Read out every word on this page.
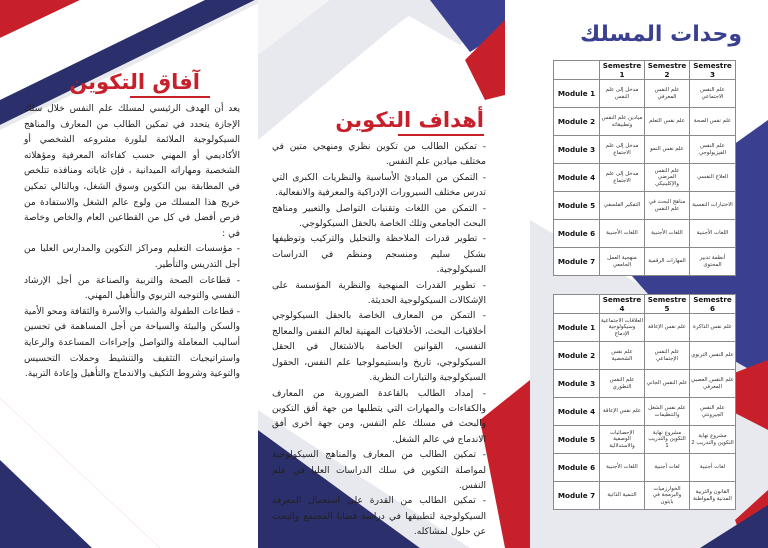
آفاق التكوين

يعد أن الهدف الرئيسي لمسلك علم النفس خلال سلك الإجازة يتحدد في تمكين الطالب من المعارف والمناهج السيكولوجية الملائمة لبلورة مشروعه الشخصي أو الأكاديمي أو المهني حسب كفاءاته المعرفية ومؤهلاته الشخصية ومهاراته الميدانية ، فإن غاياته ومنافذه تتلخص في المطابقة بين التكوين وسوق الشغل، وبالتالي تمكين خريج هذا المسلك من ولوج عالم الشغل والاستفادة من فرص أفضل في كل من القطاعين العام والخاص وخاصة في :

- مؤسسات التعليم ومراكز التكوين والمدارس العليا من أجل التدريس والتأطير.

- قطاعات الصحة والتربية والصناعة من أجل الإرشاد النفسي والتوجيه التربوي والتأهيل المهني.

- قطاعات الطفولة والشباب والأسرة والثقافة ومحو الأمية والسكن والبيئة والسياحة من أجل المساهمة في تحسين أساليب المعاملة والتواصل وإجراءات المساعدة والرعاية واستراتيجيات التثقيف والتنشيط وحملات التحسيس والتوعية وشروط التكيف والاندماج والتأهيل وإعادة التربية.

أهداف التكوين

- تمكين الطالب من تكوين نظري ومنهجي متين في مختلف ميادين علم النفس.

- التمكن من المبادئ الأساسية والنظريات الكبرى التي تدرس مختلف السيرورات الإدراكية والمعرفية والانفعالية.

- التمكن من اللغات وتقنيات التواصل والتعبير ومناهج البحث الجامعي وتلك الخاصة بالحقل السيكولوجي.

- تطوير قدرات الملاحظة والتحليل والتركيب وتوظيفها بشكل سليم ومنسجم ومنظم في الدراسات السيكولوجية.

- تطوير القدرات المنهجية والنظرية المؤسسة على الإشكالات السيكولوجية الحديثة.

- التمكن من المعارف الخاصة بالحقل السيكولوجي أخلاقيات البحث، الأخلاقيات المهنية لعالم النفس والمعالج النفسي، القوانين الخاصة بالاشتغال في الحقل السيكولوجي، تاريخ وابستيمولوجيا علم النفس، الحقول السيكولوجية والتيارات النظرية.

- إمداد الطالب بالقاعدة الضرورية من المعارف والكفاءات والمهارات التي يتطلبها من جهة أفق التكوين والبحث في مسلك علم النفس، ومن جهة أخرى أفق الاندماج في عالم الشغل.

- تمكين الطالب من المعارف والمناهج السيكولوجية لمواصلة التكوين في سلك الدراسات العليا في علم النفس.

- تمكين الطالب من القدرة على استعمال المعرفة السيكولوجية لتطبيقها في دراسة قضايا المجتمع والبحث عن حلول لمشاكله.

وحدات المسلك
	Semestre 1	Semestre 2	Semestre 3
Module 1	مدخل إلى علم النفس	علم النفس المعرفي	علم النفس الاجتماعي
Module 2	ميادين علم النفس وتطبيقاته	علم نفس التعلم	علم نفس الصحة
Module 3	مدخل إلى علم الاجتماع	علم نفس النمو	علم النفس الفيزيولوجي
Module 4	مدخل إلى علم الاجتماع	علم النفس المرضي والإكلينيكي	العلاج النفسي
Module 5	التفكير الفلسفي	مناهج البحث في علم النفس	الاختبارات النفسية
Module 6	اللغات الأجنبية	اللغات الأجنبية	اللغات الأجنبية
Module 7	منهجية العمل الجامعي	المهارات الرقمية	أنظمة تدبير المحتوى
	Semestre 4	Semestre 5	Semestre 6
Module 1	العلاقات الاجتماعية وسيكولوجية الإدماج	علم نفس الإعاقة	علم نفس الذاكرة
Module 2	علم نفس الشخصية	علم النفس الإجتماعي	علم النفس التربوي
Module 3	علم النفس التطوري	علم النفس الجاني	علم النفس العصبي المعرفي
Module 4	علم نفس الإعاقة	علم نفس الشغل والتنظيمات	علم النفس الجيرونتي
Module 5	الإحصائيات الوصفية والاستدلالية	مشروع نهاية التكوين والتدريب 1	مشروع نهاية التكوين والتدريب 2
Module 6	اللغات الأجنبية	لغات أجنبية	لغات أجنبية
Module 7	التنمية الذاتية	الخوارزميات والبرمجة في بايثون	القانون والتربية المدنية والمواطنة
